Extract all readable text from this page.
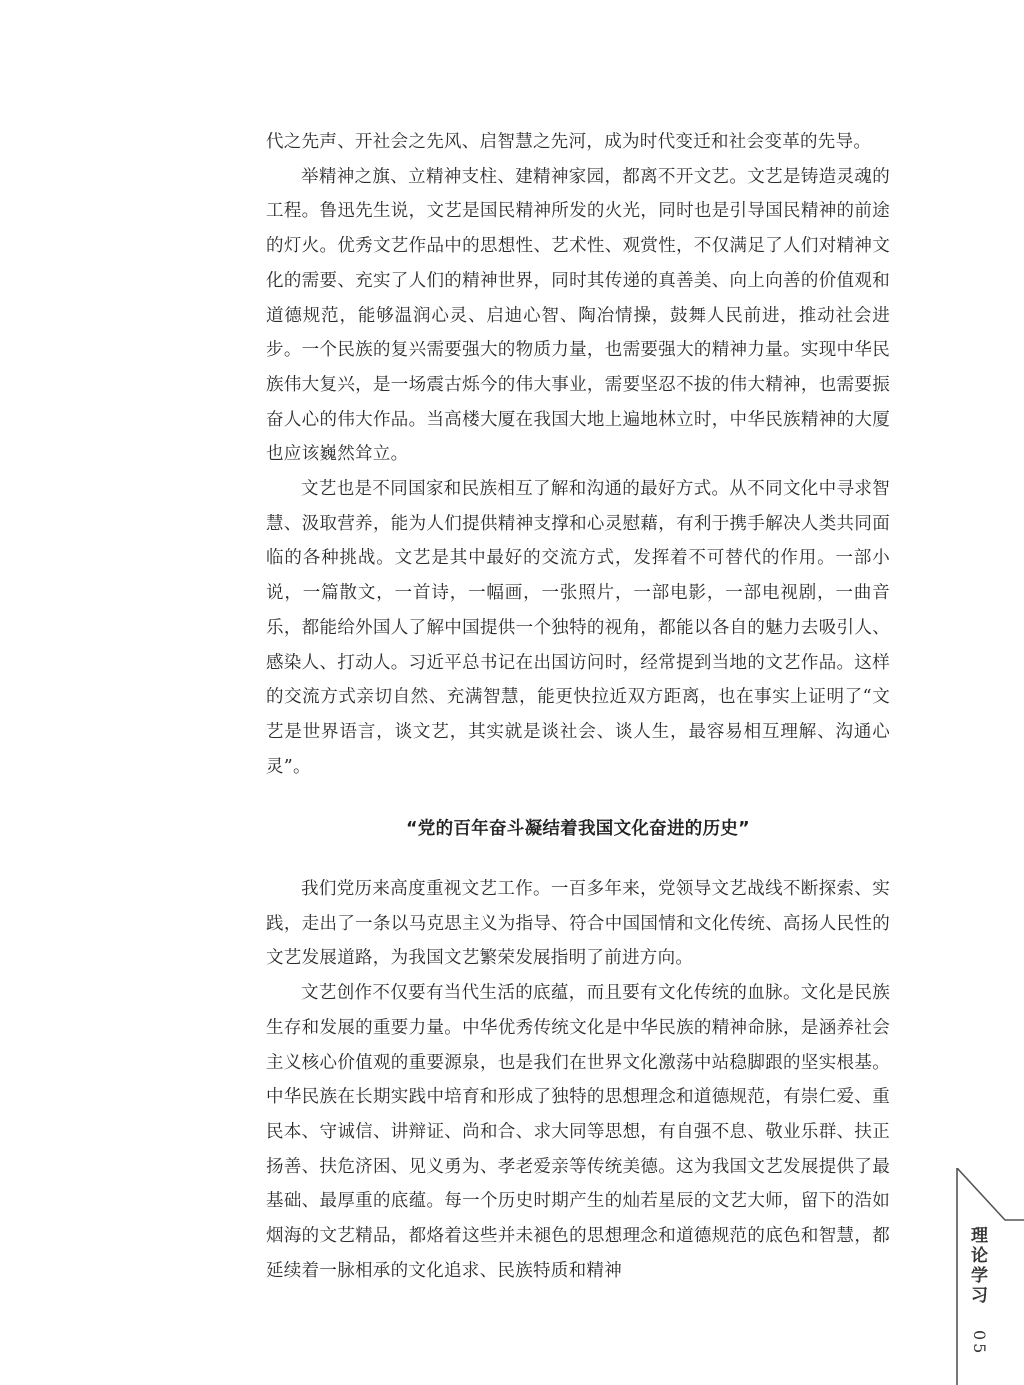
代之先声、开社会之先风、启智慧之先河，成为时代变迁和社会变革的先导。

举精神之旗、立精神支柱、建精神家园，都离不开文艺。文艺是铸造灵魂的工程。鲁迅先生说，文艺是国民精神所发的火光，同时也是引导国民精神的前途的灯火。优秀文艺作品中的思想性、艺术性、观赏性，不仅满足了人们对精神文化的需要、充实了人们的精神世界，同时其传递的真善美、向上向善的价值观和道德规范，能够温润心灵、启迪心智、陶冶情操，鼓舞人民前进，推动社会进步。一个民族的复兴需要强大的物质力量，也需要强大的精神力量。实现中华民族伟大复兴，是一场震古烁今的伟大事业，需要坚忍不拔的伟大精神，也需要振奋人心的伟大作品。当高楼大厦在我国大地上遍地林立时，中华民族精神的大厦也应该巍然耸立。

文艺也是不同国家和民族相互了解和沟通的最好方式。从不同文化中寻求智慧、汲取营养，能为人们提供精神支撑和心灵慰藉，有利于携手解决人类共同面临的各种挑战。文艺是其中最好的交流方式，发挥着不可替代的作用。一部小说，一篇散文，一首诗，一幅画，一张照片，一部电影，一部电视剧，一曲音乐，都能给外国人了解中国提供一个独特的视角，都能以各自的魅力去吸引人、感染人、打动人。习近平总书记在出国访问时，经常提到当地的文艺作品。这样的交流方式亲切自然、充满智慧，能更快拉近双方距离，也在事实上证明了“文艺是世界语言，谈文艺，其实就是谈社会、谈人生，最容易相互理解、沟通心灵”。

“党的百年奋斗凝结着我国文化奋进的历史”

我们党历来高度重视文艺工作。一百多年来，党领导文艺战线不断探索、实践，走出了一条以马克思主义为指导、符合中国国情和文化传统、高扬人民性的文艺发展道路，为我国文艺繁荣发展指明了前进方向。

文艺创作不仅要有当代生活的底蕴，而且要有文化传统的血脉。文化是民族生存和发展的重要力量。中华优秀传统文化是中华民族的精神命脉，是涵养社会主义核心价值观的重要源泉，也是我们在世界文化激荡中站稳脚跟的坚实根基。中华民族在长期实践中培育和形成了独特的思想理念和道德规范，有崇仁爱、重民本、守诚信、讲辩证、尚和合、求大同等思想，有自强不息、敬业乐群、扶正扬善、扶危济困、见义勇为、孝老爱亲等传统美德。这为我国文艺发展提供了最基础、最厚重的底蕴。每一个历史时期产生的灿若星辰的文艺大师，留下的浩如烟海的文艺精品，都烙着这些并未褪色的思想理念和道德规范的底色和智慧，都延续着一脉相承的文化追求、民族特质和精神	理论学习
05
